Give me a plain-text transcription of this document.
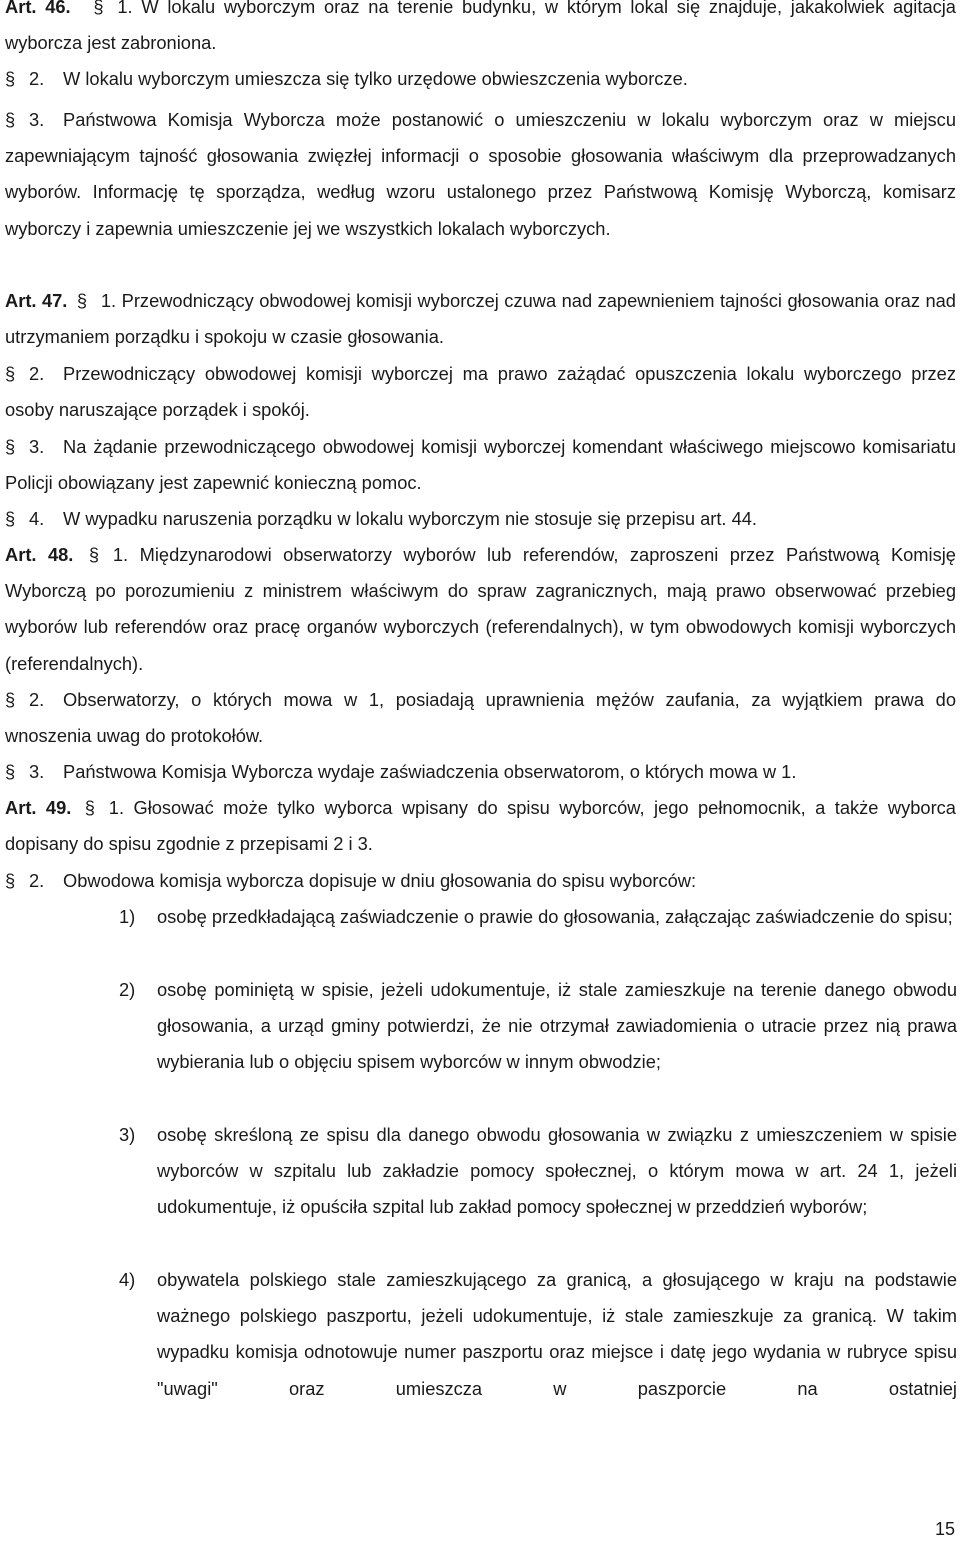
Art. 46. § 1. W lokalu wyborczym oraz na terenie budynku, w którym lokal się znajduje, jakakolwiek agitacja wyborcza jest zabroniona.

§ 2. W lokalu wyborczym umieszcza się tylko urzędowe obwieszczenia wyborcze.

§ 3. Państwowa Komisja Wyborcza może postanowić o umieszczeniu w lokalu wyborczym oraz w miejscu zapewniającym tajność głosowania zwięzłej informacji o sposobie głosowania właściwym dla przeprowadzanych wyborów. Informację tę sporządza, według wzoru ustalonego przez Państwową Komisję Wyborczą, komisarz wyborczy i zapewnia umieszczenie jej we wszystkich lokalach wyborczych.

Art. 47. § 1. Przewodniczący obwodowej komisji wyborczej czuwa nad zapewnieniem tajności głosowania oraz nad utrzymaniem porządku i spokoju w czasie głosowania.

§ 2. Przewodniczący obwodowej komisji wyborczej ma prawo zażądać opuszczenia lokalu wyborczego przez osoby naruszające porządek i spokój.

§ 3. Na żądanie przewodniczącego obwodowej komisji wyborczej komendant właściwego miejscowo komisariatu Policji obowiązany jest zapewnić konieczną pomoc.

§ 4. W wypadku naruszenia porządku w lokalu wyborczym nie stosuje się przepisu art. 44.

Art. 48. § 1. Międzynarodowi obserwatorzy wyborów lub referendów, zaproszeni przez Państwową Komisję Wyborczą po porozumieniu z ministrem właściwym do spraw zagranicznych, mają prawo obserwować przebieg wyborów lub referendów oraz pracę organów wyborczych (referendalnych), w tym obwodowych komisji wyborczych (referendalnych).

§ 2. Obserwatorzy, o których mowa w 1, posiadają uprawnienia mężów zaufania, za wyjątkiem prawa do wnoszenia uwag do protokołów.

§ 3. Państwowa Komisja Wyborcza wydaje zaświadczenia obserwatorom, o których mowa w 1.

Art. 49. § 1. Głosować może tylko wyborca wpisany do spisu wyborców, jego pełnomocnik, a także wyborca dopisany do spisu zgodnie z przepisami 2 i 3.

§ 2. Obwodowa komisja wyborcza dopisuje w dniu głosowania do spisu wyborców:

1) osobę przedkładającą zaświadczenie o prawie do głosowania, załączając zaświadczenie do spisu;
2) osobę pominiętą w spisie, jeżeli udokumentuje, iż stale zamieszkuje na terenie danego obwodu głosowania, a urząd gminy potwierdzi, że nie otrzymał zawiadomienia o utracie przez nią prawa wybierania lub o objęciu spisem wyborców w innym obwodzie;
3) osobę skreśloną ze spisu dla danego obwodu głosowania w związku z umieszczeniem w spisie wyborców w szpitalu lub zakładzie pomocy społecznej, o którym mowa w art. 24 1, jeżeli udokumentuje, iż opuściła szpital lub zakład pomocy społecznej w przeddzień wyborów;
4) obywatela polskiego stale zamieszkującego za granicą, a głosującego w kraju na podstawie ważnego polskiego paszportu, jeżeli udokumentuje, iż stale zamieszkuje za granicą. W takim wypadku komisja odnotowuje numer paszportu oraz miejsce i datę jego wydania w rubryce spisu "uwagi" oraz umieszcza w paszporcie na ostatniej
15
